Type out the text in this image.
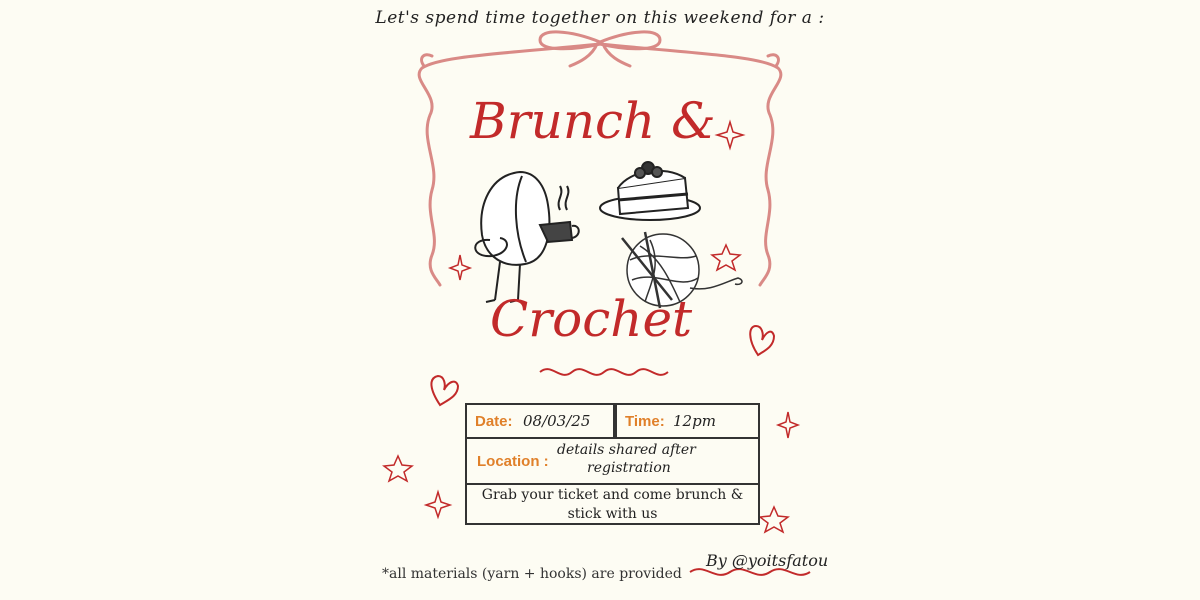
Let's spend time together on this weekend for a :
Brunch &
Crochet
Date: 08/03/25 Time: 12pm
Location :
details shared after
registration
Grab your ticket and come brunch &
stick with us
*all materials (yarn + hooks) are provided
By @yoitsfatou
